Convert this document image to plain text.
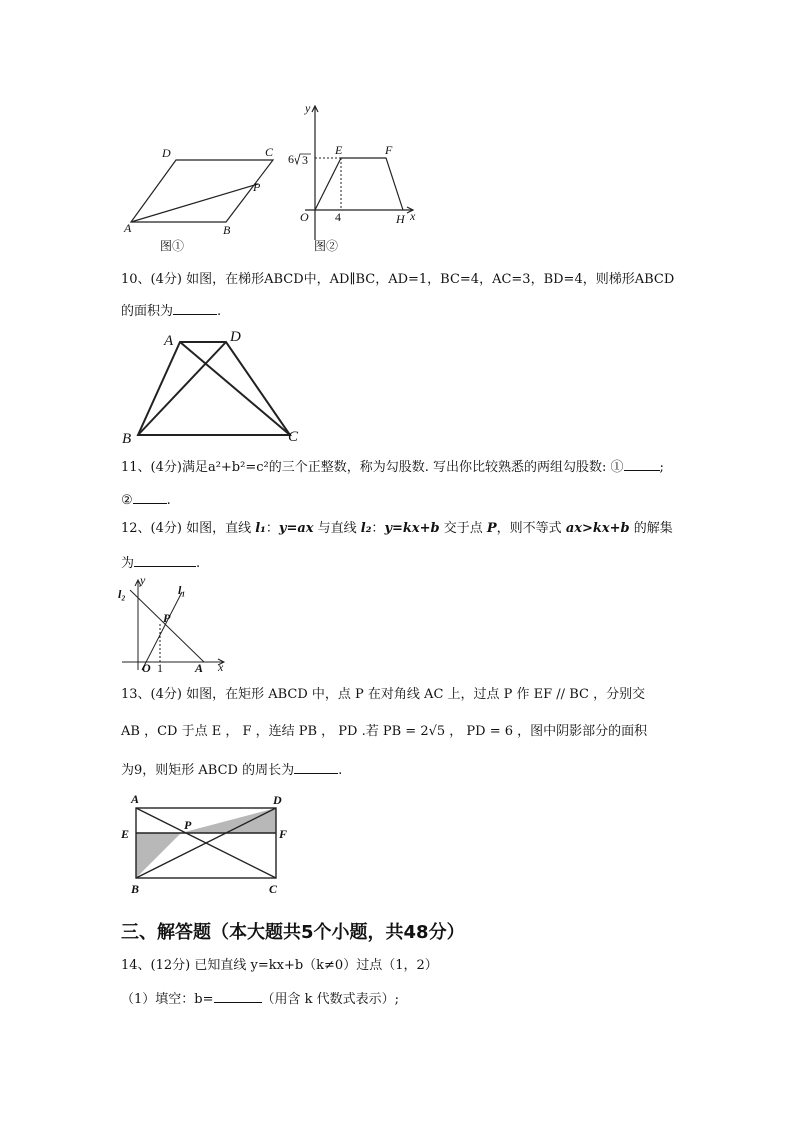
D	C
P
A	B
图①
y
6 3
E	F
O 4	H x
图②
10、(4分) 如图，在梯形ABCD中，AD∥BC，AD=1，BC=4，AC=3，BD=4，则梯形ABCD
的面积为	.
A	D
B	C
11、(4分)满足a²+b²=c²的三个正整数，称为勾股数. 写出你比较熟悉的两组勾股数: ①	;
②	.
12、(4分) 如图，直线 l₁：y=ax 与直线 l₂：y=kx+b 交于点 P，则不等式 ax>kx+b 的解集
为	.
l₂
y
l₁
P
O 1	A x
13、(4分) 如图，在矩形 ABCD 中，点 P 在对角线 AC 上，过点 P 作 EF // BC ，分别交
AB ，CD 于点 E ， F ，连结 PB ， PD .若 PB = 2√5 ， PD = 6 ，图中阴影部分的面积
为9，则矩形 ABCD 的周长为	.
A	D
E
P
F
B	C
三、解答题（本大题共5个小题，共48分）
14、(12分) 已知直线 y=kx+b（k≠0）过点（1，2）
（1）填空：b=	（用含 k 代数式表示）;
